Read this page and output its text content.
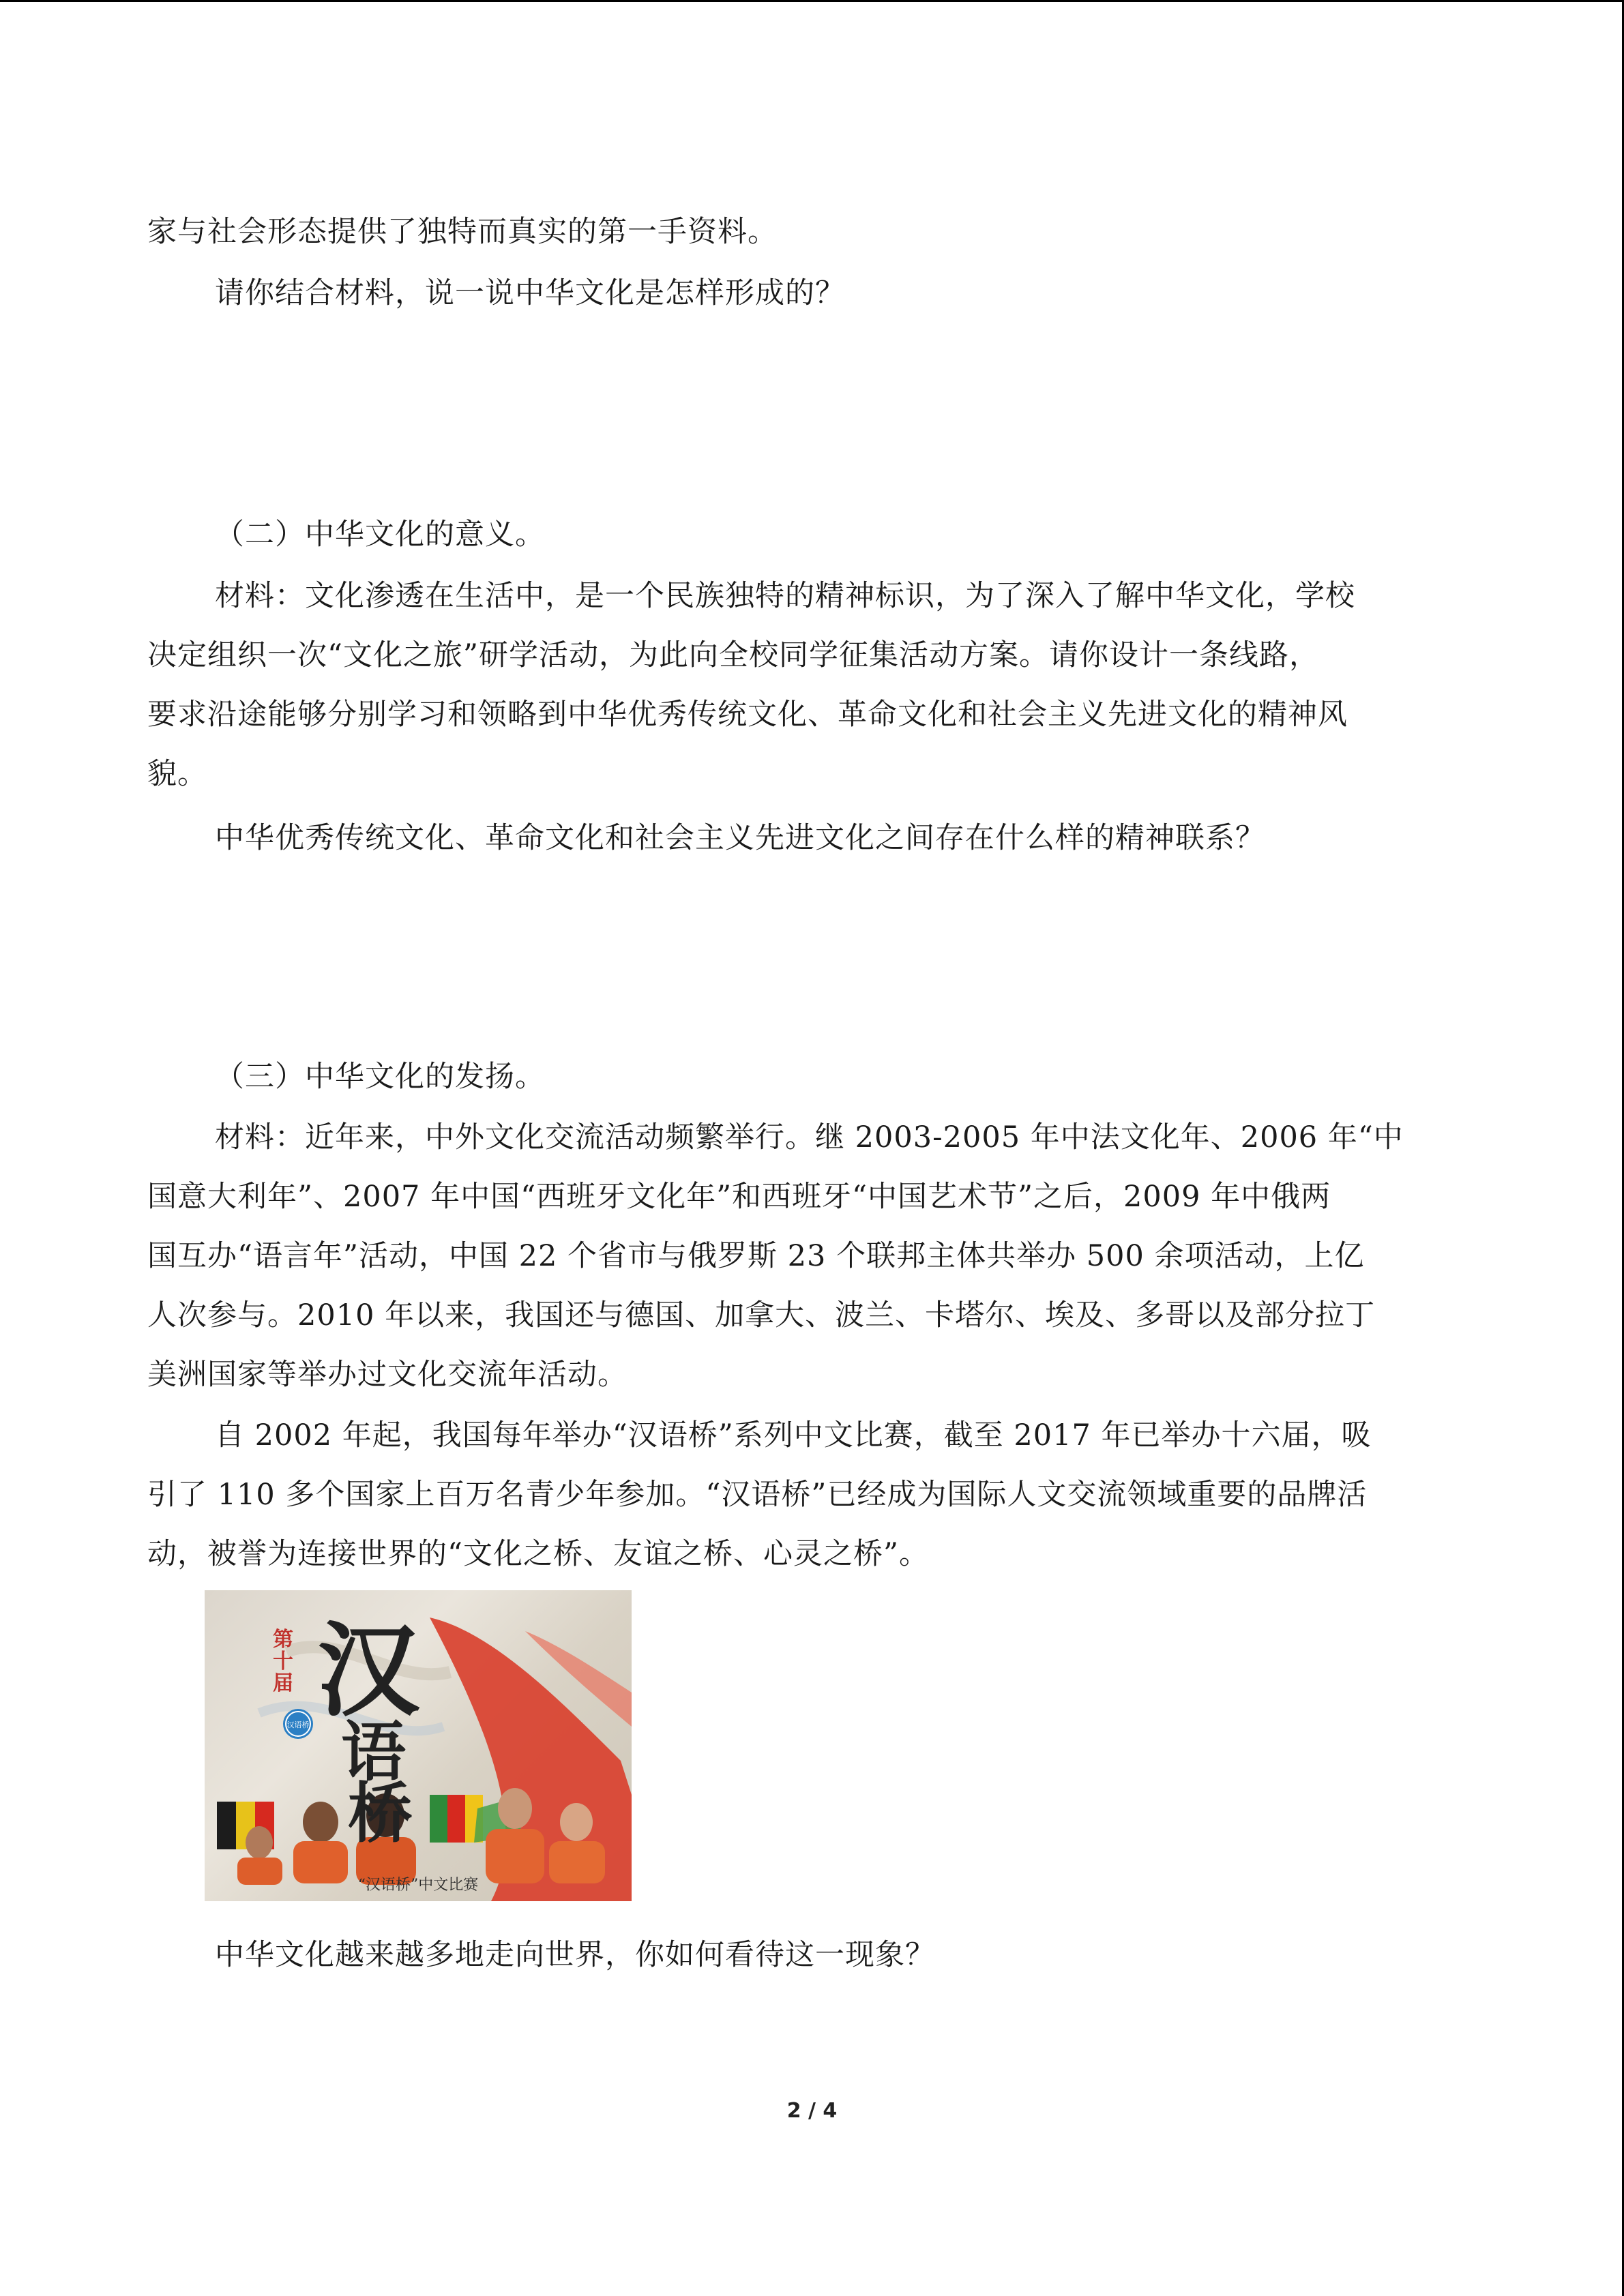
家与社会形态提供了独特而真实的第一手资料。
请你结合材料，说一说中华文化是怎样形成的？
（二）中华文化的意义。
材料：文化渗透在生活中，是一个民族独特的精神标识，为了深入了解中华文化，学校
决定组织一次“文化之旅”研学活动，为此向全校同学征集活动方案。请你设计一条线路，
要求沿途能够分别学习和领略到中华优秀传统文化、革命文化和社会主义先进文化的精神风
貌。
中华优秀传统文化、革命文化和社会主义先进文化之间存在什么样的精神联系？
（三）中华文化的发扬。
材料：近年来，中外文化交流活动频繁举行。继 2003-2005 年中法文化年、2006 年“中
国意大利年”、2007 年中国“西班牙文化年”和西班牙“中国艺术节”之后，2009 年中俄两
国互办“语言年”活动，中国 22 个省市与俄罗斯 23 个联邦主体共举办 500 余项活动，上亿
人次参与。2010 年以来，我国还与德国、加拿大、波兰、卡塔尔、埃及、多哥以及部分拉丁
美洲国家等举办过文化交流年活动。
自 2002 年起，我国每年举办“汉语桥”系列中文比赛，截至 2017 年已举办十六届，吸
引了 110 多个国家上百万名青少年参加。“汉语桥”已经成为国际人文交流领域重要的品牌活
动，被誉为连接世界的“文化之桥、友谊之桥、心灵之桥”。
汉
语
桥
第十届
汉语桥
“汉语桥”中文比赛
中华文化越来越多地走向世界，你如何看待这一现象？
2 / 4
